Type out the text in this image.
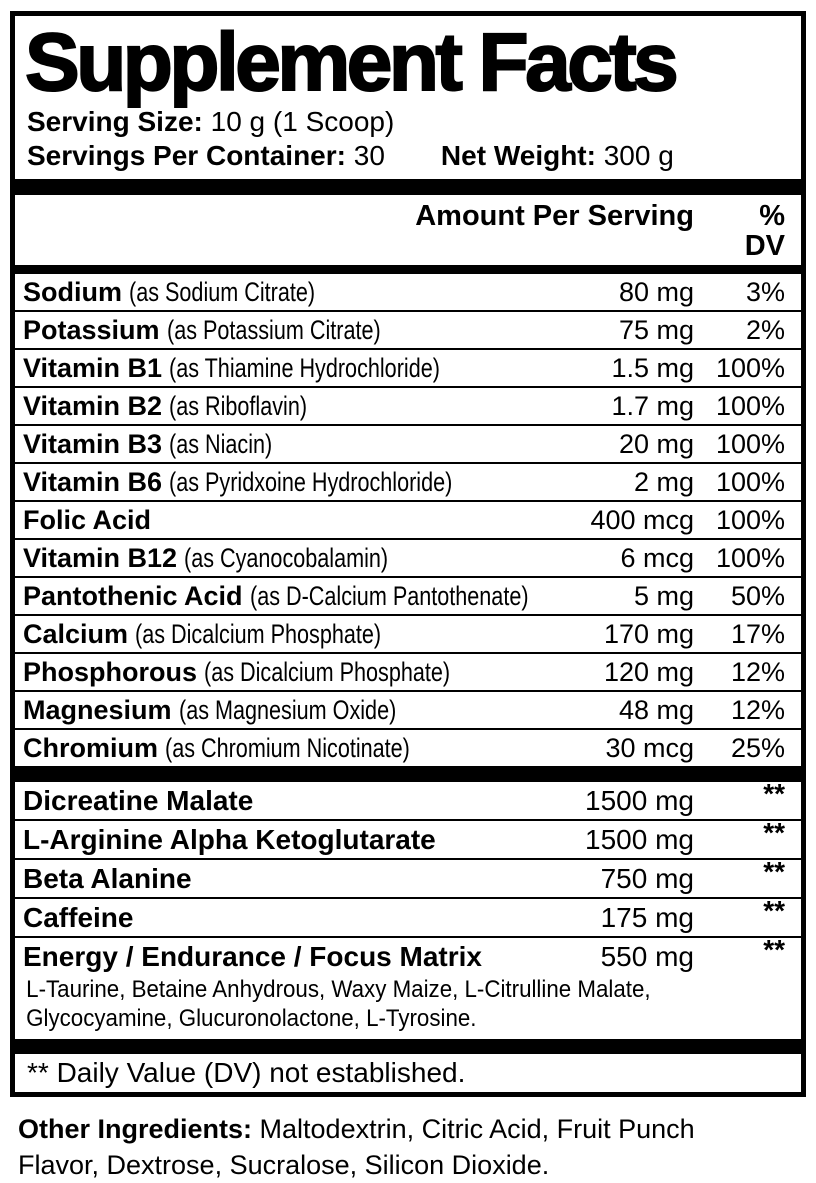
Supplement Facts
Serving Size: 10 g (1 Scoop)
Servings Per Container: 30 Net Weight: 300 g
Amount Per Serving	% DV
Sodium (as Sodium Citrate)	80 mg	3%
Potassium (as Potassium Citrate)	75 mg	2%
Vitamin B1 (as Thiamine Hydrochloride)	1.5 mg 100%
Vitamin B2 (as Riboflavin)	1.7 mg 100%
Vitamin B3 (as Niacin)	20 mg 100%
Vitamin B6 (as Pyridxoine Hydrochloride)	2 mg 100%
Folic Acid	400 mcg 100%
Vitamin B12 (as Cyanocobalamin)	6 mcg 100%
Pantothenic Acid (as D-Calcium Pantothenate)	5 mg	50%
Calcium (as Dicalcium Phosphate)	170 mg	17%
Phosphorous (as Dicalcium Phosphate)	120 mg	12%
Magnesium (as Magnesium Oxide)	48 mg	12%
Chromium (as Chromium Nicotinate)	30 mcg	25%
Dicreatine Malate	1500 mg	**
L-Arginine Alpha Ketoglutarate	1500 mg	**
Beta Alanine	750 mg	**
Caffeine	175 mg	**
Energy / Endurance / Focus Matrix	550 mg	**
L-Taurine, Betaine Anhydrous, Waxy Maize, L-Citrulline Malate,
Glycocyamine, Glucuronolactone, L-Tyrosine.
** Daily Value (DV) not established.
Other Ingredients: Maltodextrin, Citric Acid, Fruit Punch Flavor, Dextrose, Sucralose, Silicon Dioxide.
